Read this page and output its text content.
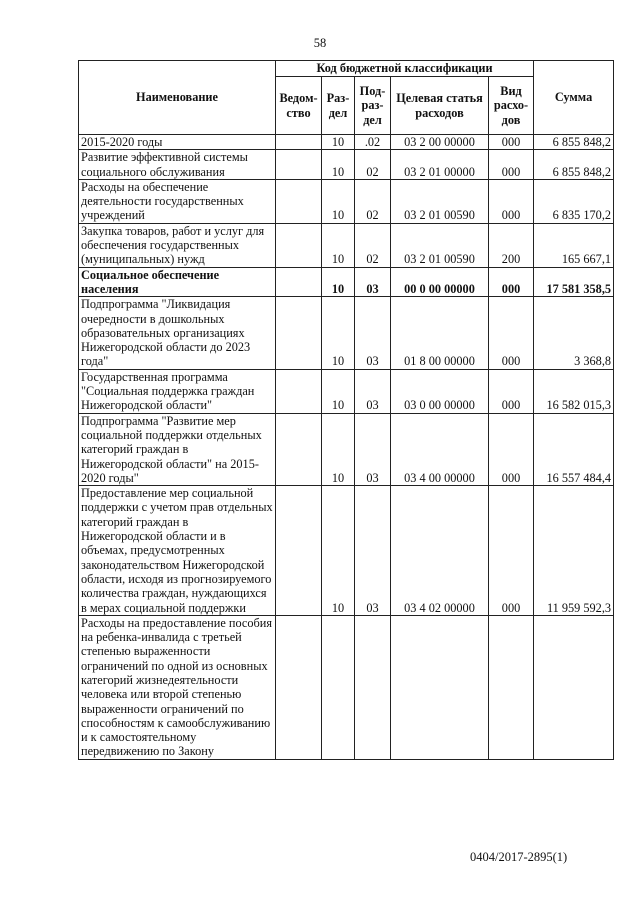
58
Наименование	Код бюджетной классификации					Сумма
	Ведом-ство	Раз-дел	Под-раз-дел	Целевая статья расходов	Вид расхо-дов	
2015-2020 годы		10	.02	03 2 00 00000	000	6 855 848,2
Развитие эффективной системы социального обслуживания		10	02	03 2 01 00000	000	6 855 848,2
Расходы на обеспечение деятельности государственных учреждений		10	02	03 2 01 00590	000	6 835 170,2
Закупка товаров, работ и услуг для обеспечения государственных (муниципальных) нужд		10	02	03 2 01 00590	200	165 667,1
Социальное обеспечение населения		10	03	00 0 00 00000	000	17 581 358,5
Подпрограмма "Ликвидация очередности в дошкольных образовательных организациях Нижегородской области до 2023 года"		10	03	01 8 00 00000	000	3 368,8
Государственная программа "Социальная поддержка граждан Нижегородской области"		10	03	03 0 00 00000	000	16 582 015,3
Подпрограмма "Развитие мер социальной поддержки отдельных категорий граждан в Нижегородской области" на 2015-2020 годы"		10	03	03 4 00 00000	000	16 557 484,4
Предоставление мер социальной поддержки с учетом прав отдельных категорий граждан в Нижегородской области и в объемах, предусмотренных законодательством Нижегородской области, исходя из прогнозируемого количества граждан, нуждающихся в мерах социальной поддержки		10	03	03 4 02 00000	000	11 959 592,3
Расходы на предоставление пособия на ребенка-инвалида с третьей степенью выраженности ограничений по одной из основных категорий жизнедеятельности человека или второй степенью выраженности ограничений по способностям к самообслуживанию и к самостоятельному передвижению по Закону						
0404/2017-2895(1)
